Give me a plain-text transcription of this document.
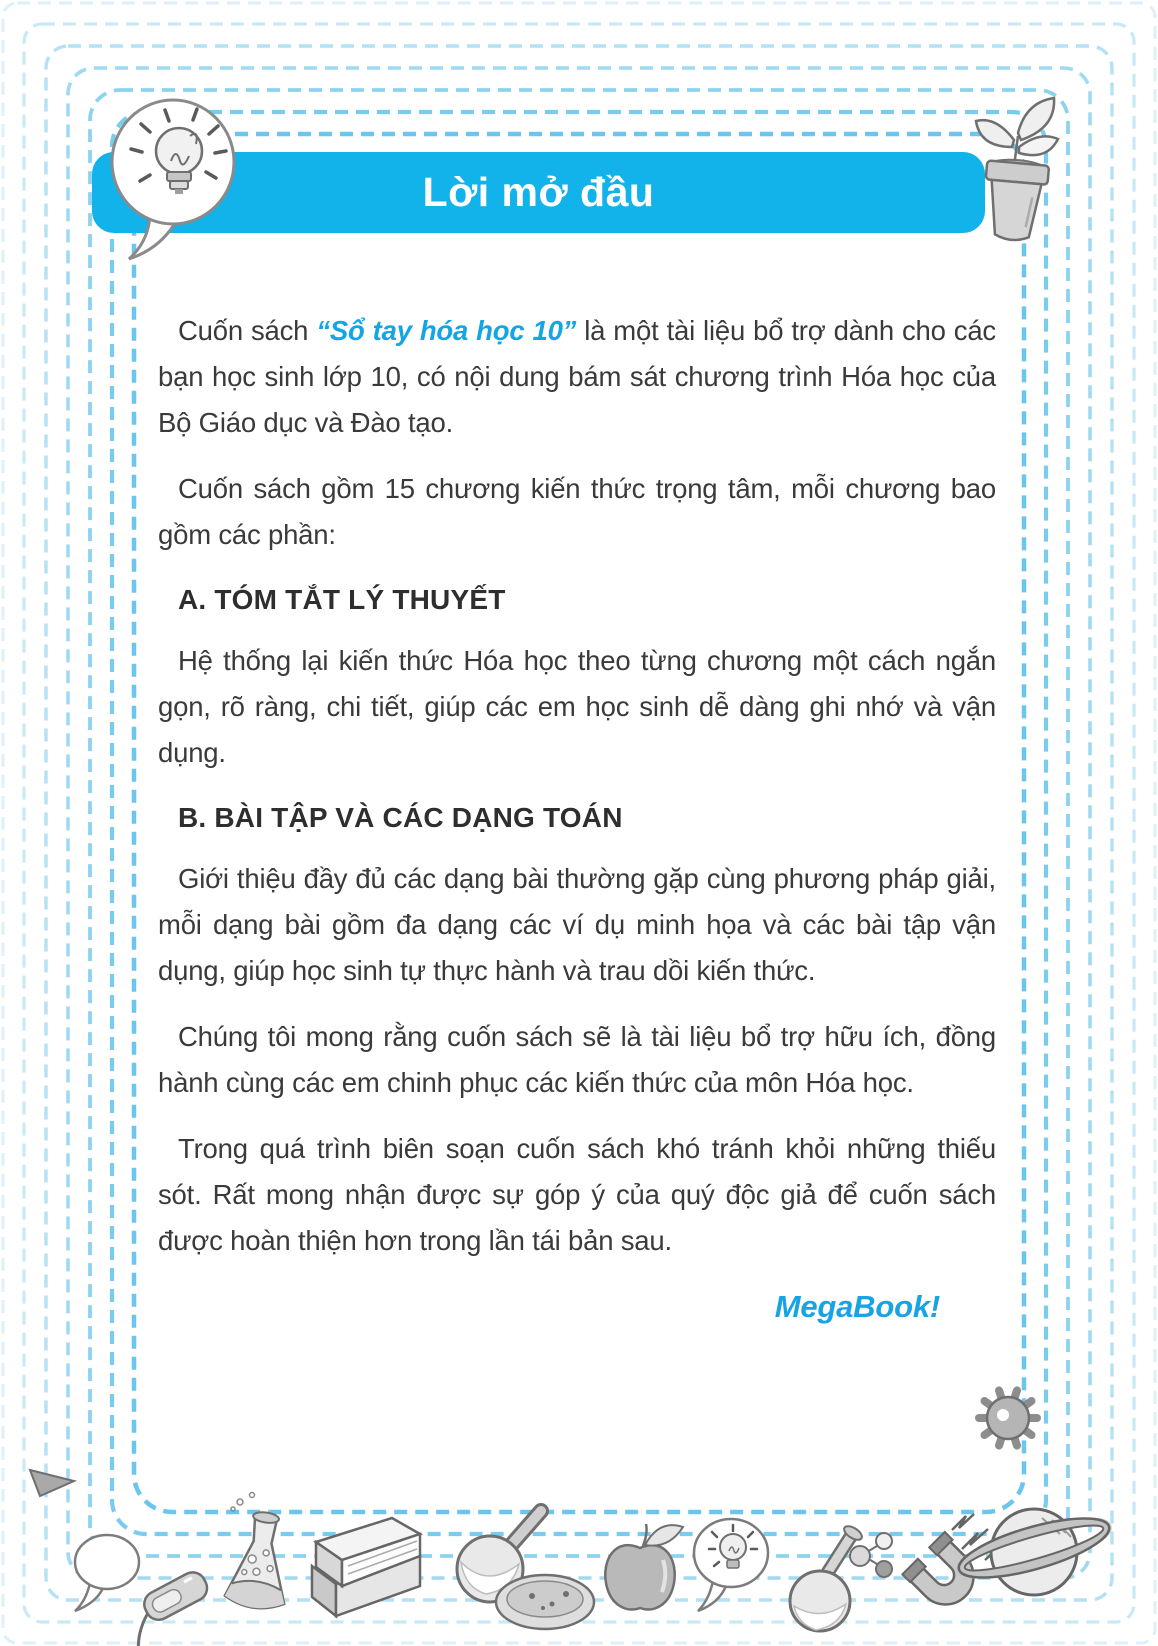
Lời mở đầu

Cuốn sách “Sổ tay hóa học 10” là một tài liệu bổ trợ dành cho các bạn học sinh lớp 10, có nội dung bám sát chương trình Hóa học của Bộ Giáo dục và Đào tạo.

Cuốn sách gồm 15 chương kiến thức trọng tâm, mỗi chương bao gồm các phần:

A. TÓM TẮT LÝ THUYẾT

Hệ thống lại kiến thức Hóa học theo từng chương một cách ngắn gọn, rõ ràng, chi tiết, giúp các em học sinh dễ dàng ghi nhớ và vận dụng.

B. BÀI TẬP VÀ CÁC DẠNG TOÁN

Giới thiệu đầy đủ các dạng bài thường gặp cùng phương pháp giải, mỗi dạng bài gồm đa dạng các ví dụ minh họa và các bài tập vận dụng, giúp học sinh tự thực hành và trau dồi kiến thức.

Chúng tôi mong rằng cuốn sách sẽ là tài liệu bổ trợ hữu ích, đồng hành cùng các em chinh phục các kiến thức của môn Hóa học.

Trong quá trình biên soạn cuốn sách khó tránh khỏi những thiếu sót. Rất mong nhận được sự góp ý của quý độc giả để cuốn sách được hoàn thiện hơn trong lần tái bản sau.

MegaBook!
